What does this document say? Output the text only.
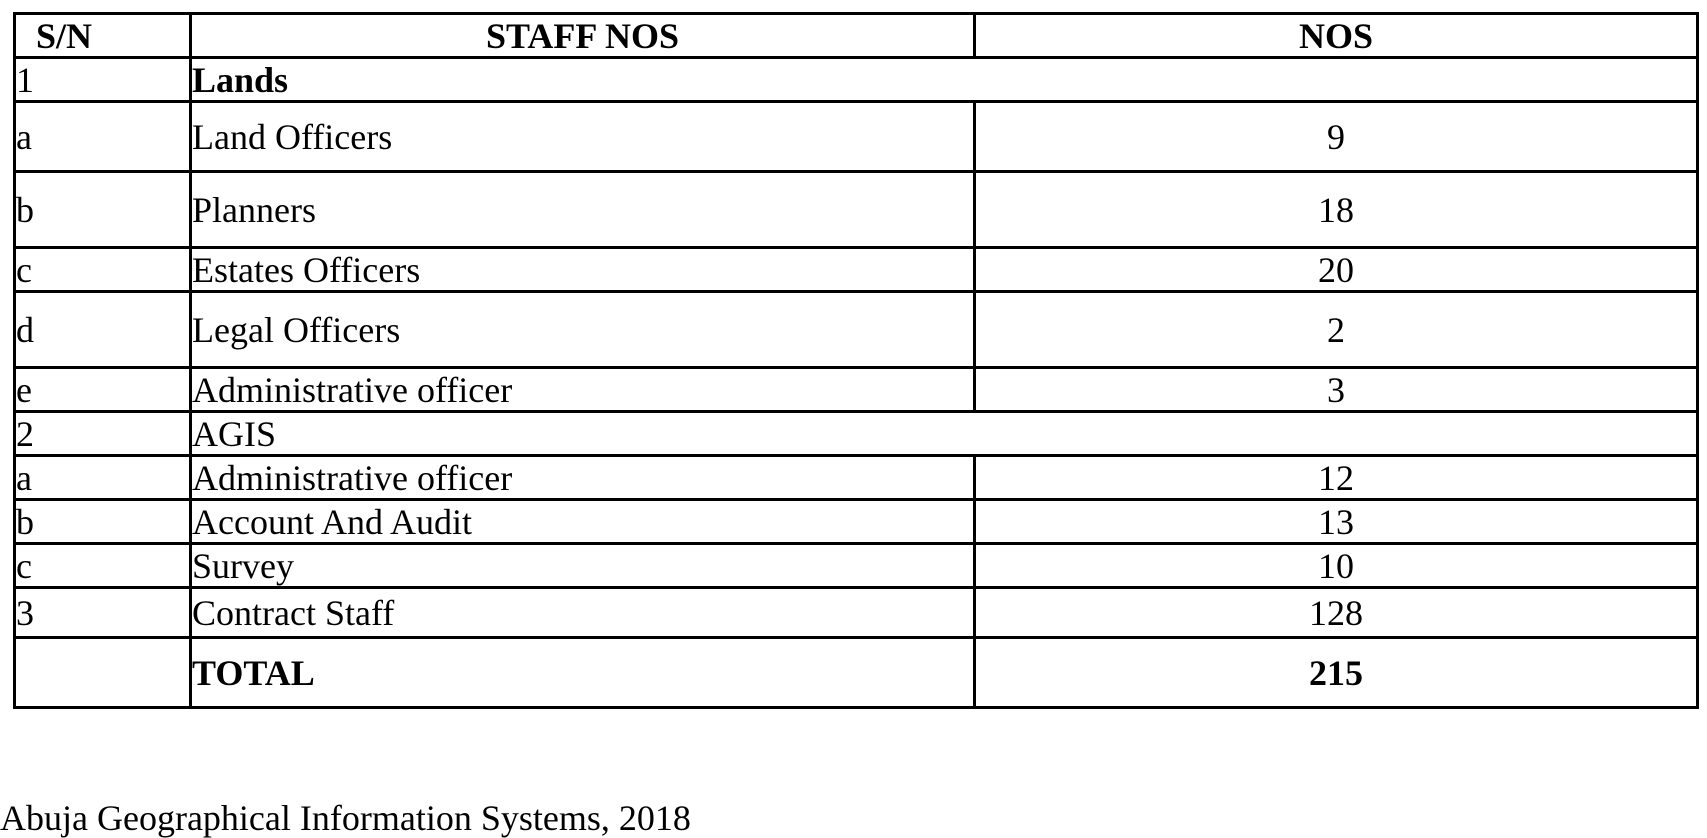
S/N	STAFF NOS	NOS
1	Lands	
a	Land Officers	9
b	Planners	18
c	Estates Officers	20
d	Legal Officers	2
e	Administrative officer	3
2	AGIS	
a	Administrative officer	12
b	Account And Audit	13
c	Survey	10
3	Contract Staff	128
	TOTAL	215
Abuja Geographical Information Systems, 2018
